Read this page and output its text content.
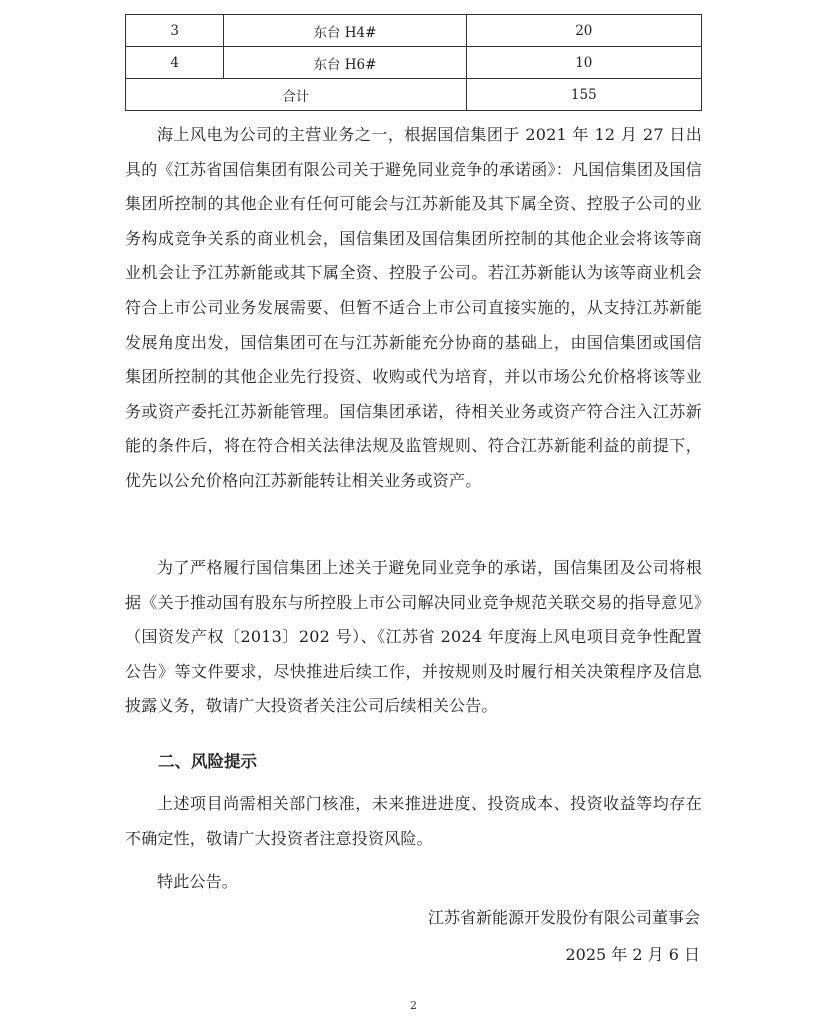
3	东台 H4#	20
4	东台 H6#	10
合计		155

海上风电为公司的主营业务之一，根据国信集团于 2021 年 12 月 27 日出具的《江苏省国信集团有限公司关于避免同业竞争的承诺函》：凡国信集团及国信集团所控制的其他企业有任何可能会与江苏新能及其下属全资、控股子公司的业务构成竞争关系的商业机会，国信集团及国信集团所控制的其他企业会将该等商业机会让予江苏新能或其下属全资、控股子公司。若江苏新能认为该等商业机会符合上市公司业务发展需要、但暂不适合上市公司直接实施的，从支持江苏新能发展角度出发，国信集团可在与江苏新能充分协商的基础上，由国信集团或国信集团所控制的其他企业先行投资、收购或代为培育，并以市场公允价格将该等业务或资产委托江苏新能管理。国信集团承诺，待相关业务或资产符合注入江苏新能的条件后，将在符合相关法律法规及监管规则、符合江苏新能利益的前提下，优先以公允价格向江苏新能转让相关业务或资产。

为了严格履行国信集团上述关于避免同业竞争的承诺，国信集团及公司将根据《关于推动国有股东与所控股上市公司解决同业竞争规范关联交易的指导意见》（国资发产权〔2013〕202 号）、《江苏省 2024 年度海上风电项目竞争性配置公告》等文件要求，尽快推进后续工作，并按规则及时履行相关决策程序及信息披露义务，敬请广大投资者关注公司后续相关公告。

二、风险提示

上述项目尚需相关部门核准，未来推进进度、投资成本、投资收益等均存在不确定性，敬请广大投资者注意投资风险。

特此公告。

江苏省新能源开发股份有限公司董事会

2025 年 2 月 6 日

2
